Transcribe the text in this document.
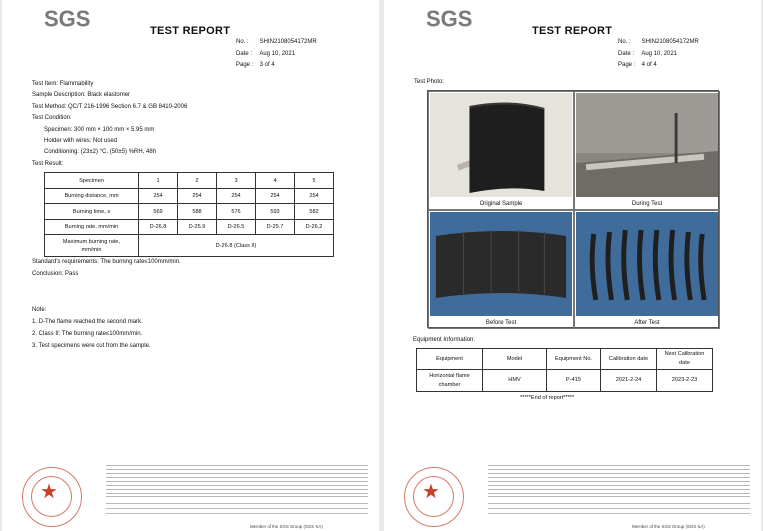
SGS	TEST REPORT
No. : SHIN2108054172MR
Date : Aug 10, 2021
Page : 3 of 4
Test Item: Flammability
Sample Description: Black elastomer
Test Method: QC/T 216-1996 Section 6.7 & GB 8410-2006
Test Condition:
Specimen: 300 mm × 100 mm × 5.95 mm
Holder with wires: Not used
Conditioning: (23±2) °C, (50±5) %RH, 48h
Test Result:
Specimen	1	2	3	4	5
Burning distance, mm	254	254	254	254	254
Burning time, s	569	588	576	593	582
Burning rate, mm/min	D-26.8	D-25.9	D-26.5	D-25.7	D-26.2

Maximum burning rate,
mm/min	D-26.8 (Class II)				
Standard's requirements: The burning rate≤100mm/min.
Conclusion: Pass
Note:
1. D-The flame reached the second mark.
2. Class II: The burning rate≤100mm/min.
3. Test specimens were cut from the sample.
★
Member of the SGS Group (SGS SA)
SGS	TEST REPORT
No. : SHIN2108054172MR
Date : Aug 10, 2021
Page : 4 of 4
Test Photo:
★
Member of the SGS Group (SGS SA)
Original Sample	During Test
Before Test	After Test
Equipment Information:
Equipment	Model	Equipment No.	Calibration date	Next Calibration date
Horizontal flame chamber	HMV	P-415	2021-2-24	2023-2-23
*****End of report*****
